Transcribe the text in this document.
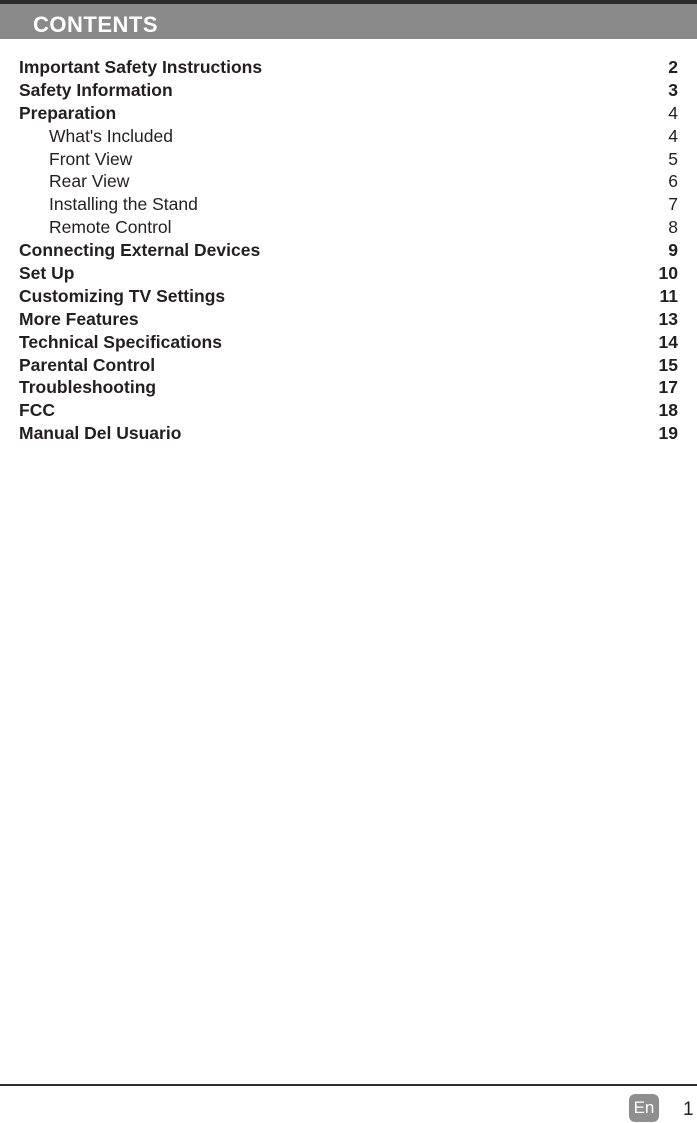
CONTENTS
Important Safety Instructions	2
Safety Information	3
Preparation	4
What's Included	4
Front View	5
Rear View	6
Installing the Stand	7
Remote Control	8
Connecting External Devices	9
Set Up	10
Customizing TV Settings	11
More Features	13
Technical Specifications	14
Parental Control	15
Troubleshooting	17
FCC	18
Manual Del Usuario	19
En 1
